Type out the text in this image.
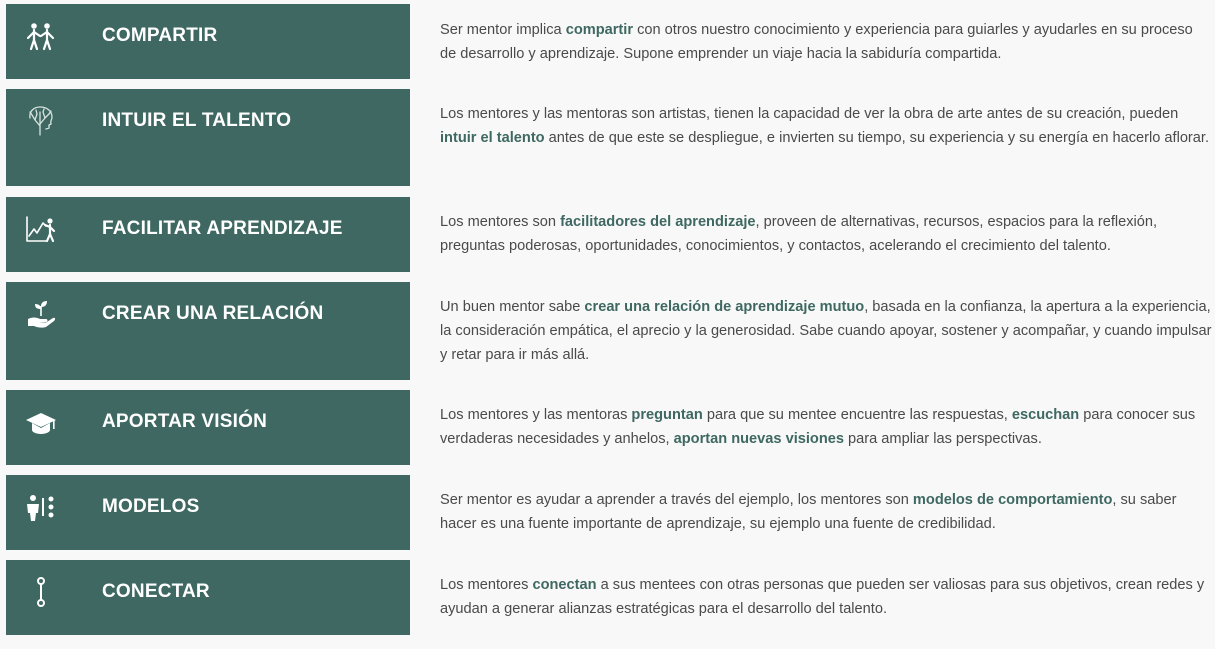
COMPARTIR	Ser mentor implica compartir con otros nuestro conocimiento y experiencia para guiarles y ayudarles en su proceso de desarrollo y aprendizaje. Supone emprender un viaje hacia la sabiduría compartida.
INTUIR EL TALENTO	Los mentores y las mentoras son artistas, tienen la capacidad de ver la obra de arte antes de su creación, pueden intuir el talento antes de que este se despliegue, e invierten su tiempo, su experiencia y su energía en hacerlo aflorar.
FACILITAR APRENDIZAJE	Los mentores son facilitadores del aprendizaje, proveen de alternativas, recursos, espacios para la reflexión, preguntas poderosas, oportunidades, conocimientos, y contactos, acelerando el crecimiento del talento.
CREAR UNA RELACIÓN	Un buen mentor sabe crear una relación de aprendizaje mutuo, basada en la confianza, la apertura a la experiencia, la consideración empática, el aprecio y la generosidad. Sabe cuando apoyar, sostener y acompañar, y cuando impulsar y retar para ir más allá.
APORTAR VISIÓN	Los mentores y las mentoras preguntan para que su mentee encuentre las respuestas, escuchan para conocer sus verdaderas necesidades y anhelos, aportan nuevas visiones para ampliar las perspectivas.
MODELOS	Ser mentor es ayudar a aprender a través del ejemplo, los mentores son modelos de comportamiento, su saber hacer es una fuente importante de aprendizaje, su ejemplo una fuente de credibilidad.
CONECTAR	Los mentores conectan a sus mentees con otras personas que pueden ser valiosas para sus objetivos, crean redes y ayudan a generar alianzas estratégicas para el desarrollo del talento.
